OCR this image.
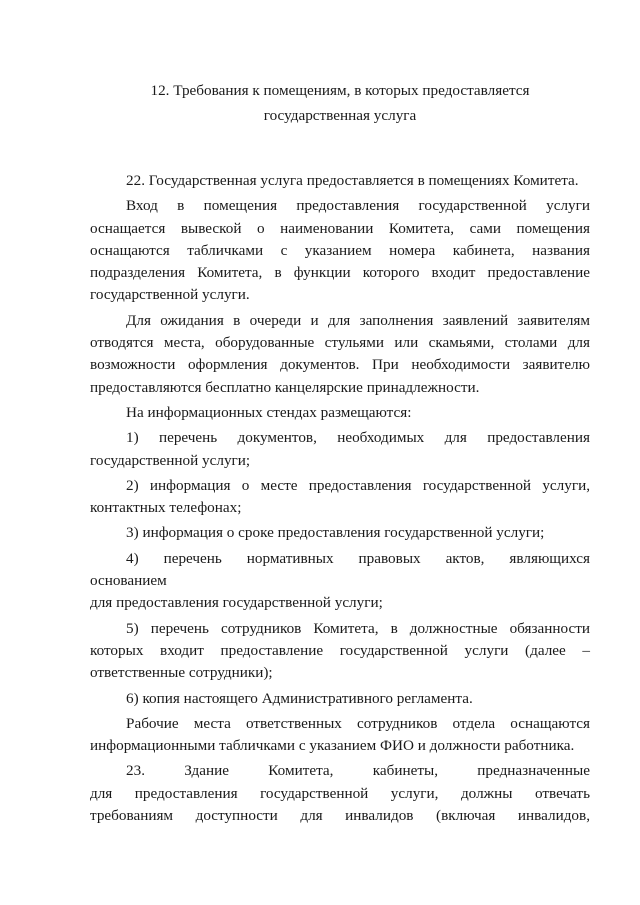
12. Требования к помещениям, в которых предоставляется
государственная услуга

22. Государственная услуга предоставляется в помещениях Комитета.

Вход в помещения предоставления государственной услуги оснащается вывеской о наименовании Комитета, сами помещения оснащаются табличками с указанием номера кабинета, названия подразделения Комитета, в функции которого входит предоставление государственной услуги.

Для ожидания в очереди и для заполнения заявлений заявителям отводятся места, оборудованные стульями или скамьями, столами для возможности оформления документов. При необходимости заявителю предоставляются бесплатно канцелярские принадлежности.

На информационных стендах размещаются:

1) перечень документов, необходимых для предоставления государственной услуги;

2) информация о месте предоставления государственной услуги, контактных телефонах;

3) информация о сроке предоставления государственной услуги;

4) перечень нормативных правовых актов, являющихся
основанием
для предоставления государственной услуги;

5) перечень сотрудников Комитета, в должностные обязанности которых входит предоставление государственной услуги (далее – ответственные сотрудники);

6) копия настоящего Административного регламента.

Рабочие места ответственных сотрудников отдела оснащаются информационными табличками с указанием ФИО и должности работника.

23. Здание Комитета, кабинеты, предназначенные
для предоставления государственной услуги, должны отвечать
требованиям доступности для инвалидов (включая инвалидов,
